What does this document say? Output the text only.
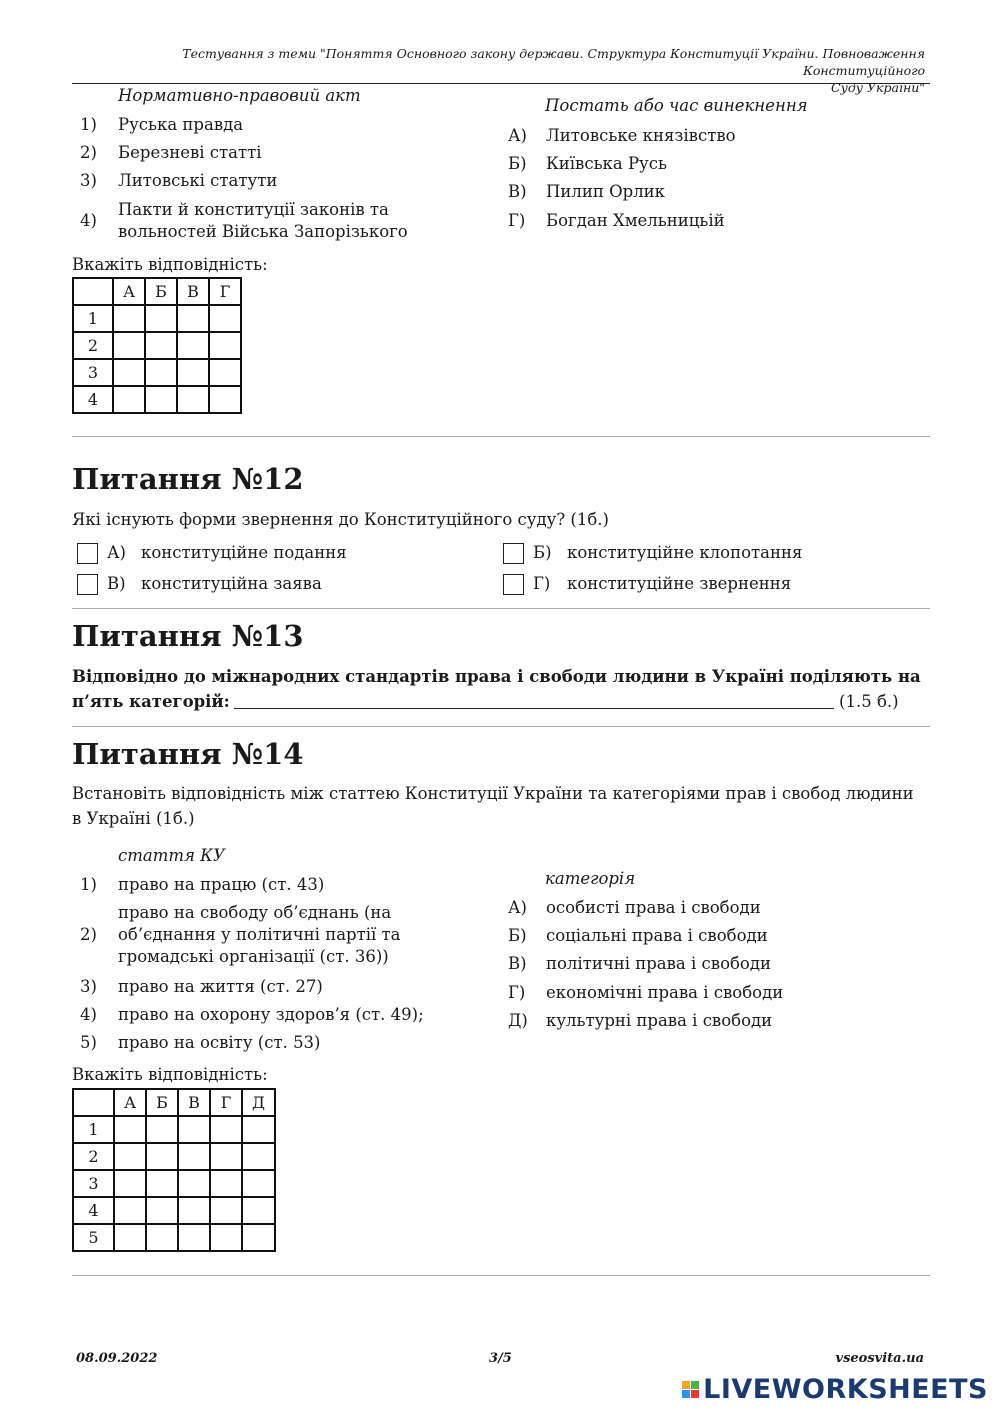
Тестування з теми "Поняття Основного закону держави. Структура Конституції України. Повноваження Конституційного
Суду України"
Нормативно-правовий акт
Постать або час винекнення
1)	Руська правда
2)	Березневі статті
3)	Литовські статути
4)
Пакти й конституції законів та вольностей Війська Запорізького
А)	Литовське князівство
Б)	Київська Русь
В)	Пилип Орлик
Г)	Богдан Хмельницьій
Вкажіть відповідність:
	А	Б	В	Г
1				
2				
3				
4				
Питання №12
Які існують форми звернення до Конституційного суду? (1б.)
А) конституційне подання	Б) конституційне клопотання
В) конституційна заява	Г) конституційне звернення
Питання №13
Відповідно до міжнародних стандартів права і свободи людини в Україні поділяють на
п’ять категорій:	(1.5 б.)
Питання №14
Встановіть відповідність між статтею Конституції України та категоріями прав і свобод людини в Україні (1б.)
стаття КУ
категорія
1)	право на працю (ст. 43)
2)
право на свободу об’єднань (на об’єднання у політичні партії та громадські організації (ст. 36))
3)	право на життя (ст. 27)
4)	право на охорону здоров’я (ст. 49);
5)	право на освіту (ст. 53)
А)	особисті права і свободи
Б)	соціальні права і свободи
В)	політичні права і свободи
Г)	економічні права і свободи
Д)	культурні права і свободи
Вкажіть відповідність:
	А	Б	В	Г	Д
1					
2					
3					
4					
5					
08.09.2022	3/5	vseosvita.ua
LIVEWORKSHEETS
